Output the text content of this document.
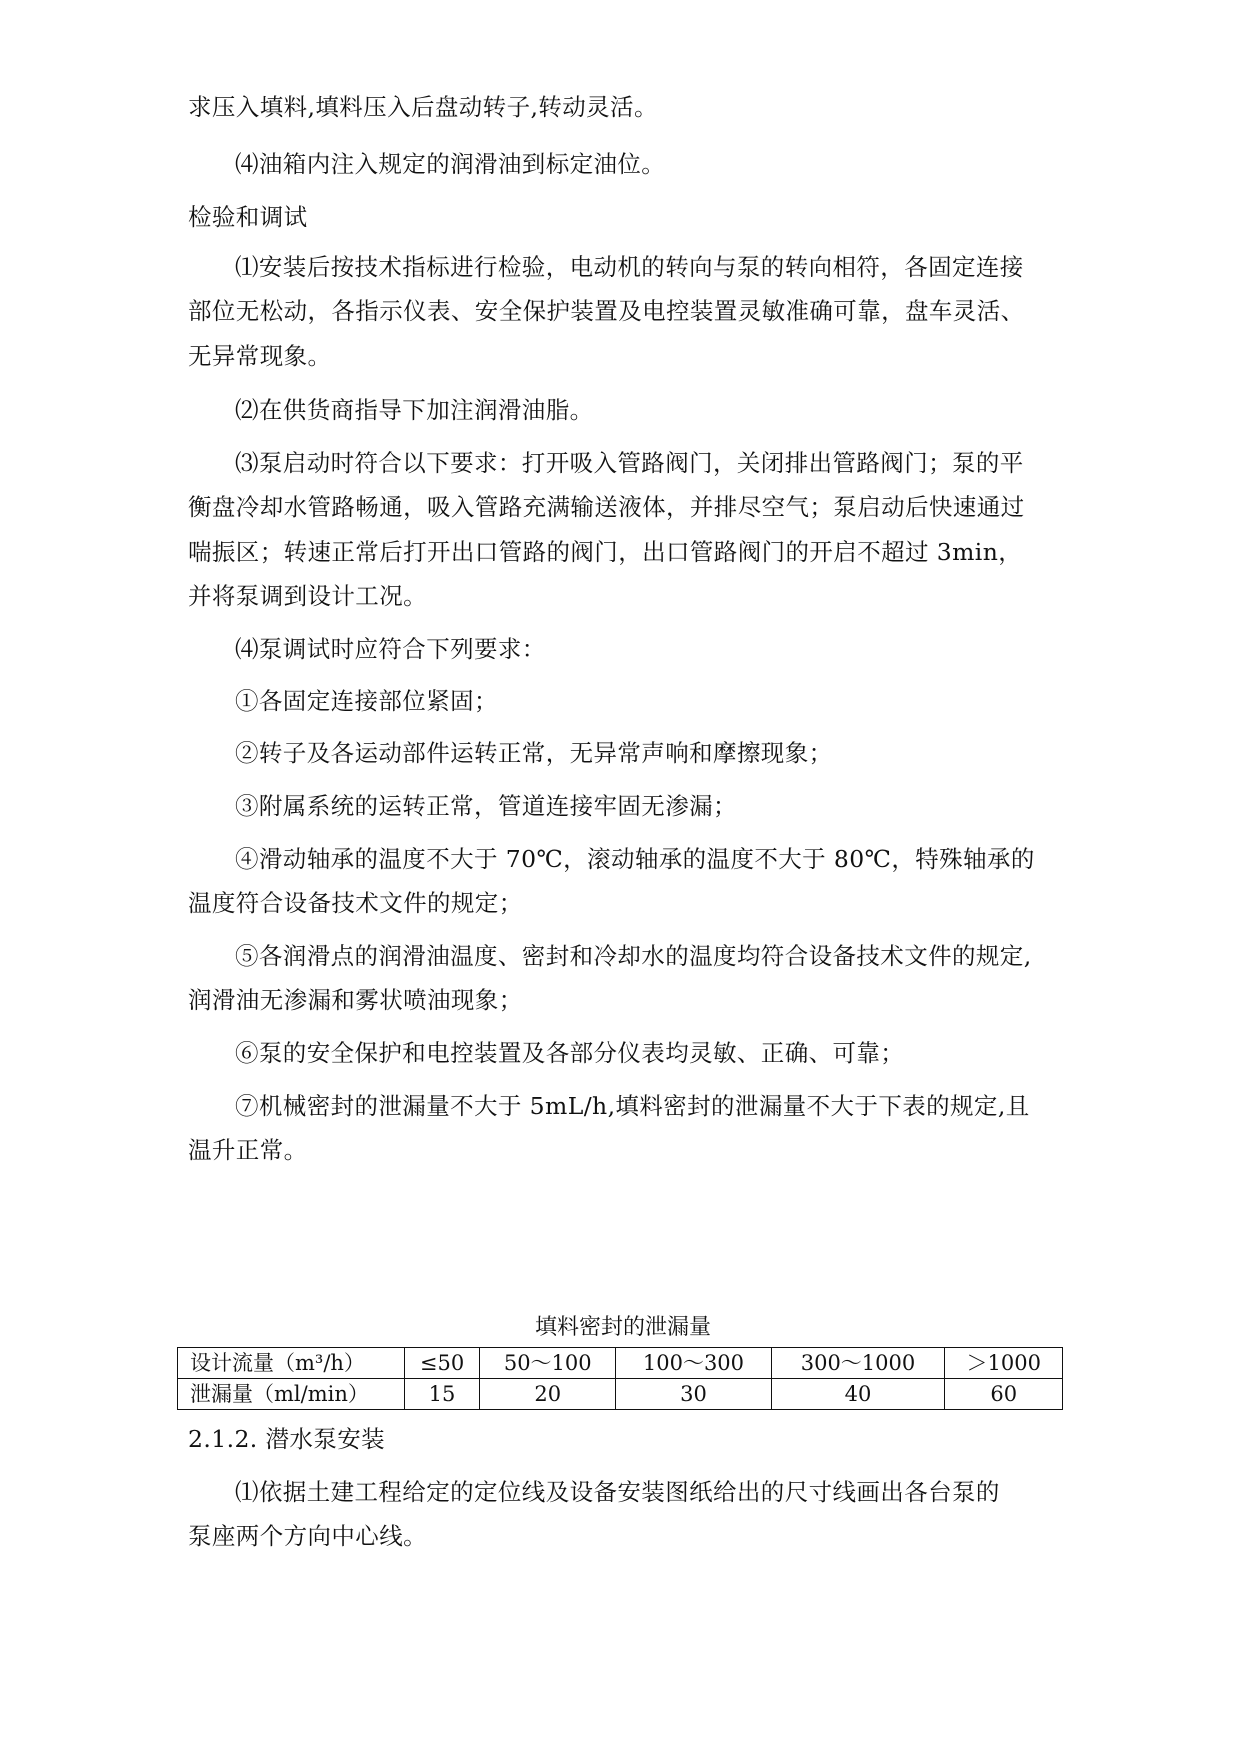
求压入填料,填料压入后盘动转子,转动灵活。
⑷油箱内注入规定的润滑油到标定油位。
检验和调试
⑴安装后按技术指标进行检验，电动机的转向与泵的转向相符，各固定连接
部位无松动，各指示仪表、安全保护装置及电控装置灵敏准确可靠，盘车灵活、
无异常现象。
⑵在供货商指导下加注润滑油脂。
⑶泵启动时符合以下要求：打开吸入管路阀门，关闭排出管路阀门；泵的平
衡盘冷却水管路畅通，吸入管路充满输送液体，并排尽空气；泵启动后快速通过
喘振区；转速正常后打开出口管路的阀门，出口管路阀门的开启不超过 3min，
并将泵调到设计工况。
⑷泵调试时应符合下列要求：
①各固定连接部位紧固；
②转子及各运动部件运转正常，无异常声响和摩擦现象；
③附属系统的运转正常，管道连接牢固无渗漏；
④滑动轴承的温度不大于 70℃，滚动轴承的温度不大于 80℃，特殊轴承的
温度符合设备技术文件的规定；
⑤各润滑点的润滑油温度、密封和冷却水的温度均符合设备技术文件的规定,
润滑油无渗漏和雾状喷油现象；
⑥泵的安全保护和电控装置及各部分仪表均灵敏、正确、可靠；
⑦机械密封的泄漏量不大于 5mL/h,填料密封的泄漏量不大于下表的规定,且
温升正常。
填料密封的泄漏量
设计流量（m³/h）	≤50	50～100	100～300	300～1000	＞1000
泄漏量（ml/min）	15	20	30	40	60
2.1.2. 潜水泵安装
⑴依据土建工程给定的定位线及设备安装图纸给出的尺寸线画出各台泵的
泵座两个方向中心线。
